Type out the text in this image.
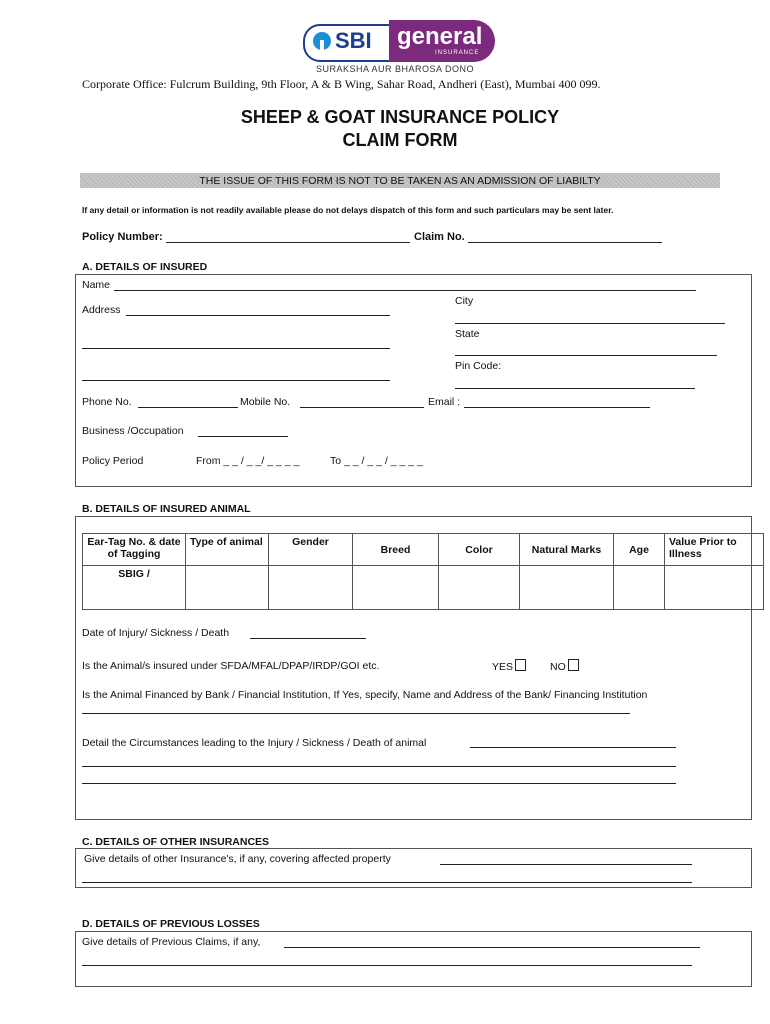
SBI general
INSURANCE
SURAKSHA AUR BHAROSA DONO
Corporate Office: Fulcrum Building, 9th Floor, A & B Wing, Sahar Road, Andheri (East), Mumbai 400 099.
SHEEP & GOAT INSURANCE POLICY
CLAIM FORM
THE ISSUE OF THIS FORM IS NOT TO BE TAKEN AS AN ADMISSION OF LIABILTY
If any detail or information is not readily available please do not delays dispatch of this form and such particulars may be sent later.
Policy Number:	Claim No.
A. DETAILS OF INSURED
Name
Address
City
State
Pin Code:
Phone No.	Mobile No.	Email :
Business /Occupation
Policy Period	From _ _ / _ _/ _ _ _ _	To _ _ / _ _ / _ _ _ _
B. DETAILS OF INSURED ANIMAL
Ear-Tag No. & date of Tagging	Type of animal	Gender	Breed	Color	Natural Marks	Age	Value Prior to Illness
SBIG /							
Date of Injury/ Sickness / Death
Is the Animal/s insured under SFDA/MFAL/DPAP/IRDP/GOI etc.	YES	NO
Is the Animal Financed by Bank / Financial Institution, If Yes, specify, Name and Address of the Bank/ Financing Institution
Detail the Circumstances leading to the Injury / Sickness / Death of animal
C. DETAILS OF OTHER INSURANCES
Give details of other Insurance's, if any, covering affected property
D. DETAILS OF PREVIOUS LOSSES
Give details of Previous Claims, if any,
